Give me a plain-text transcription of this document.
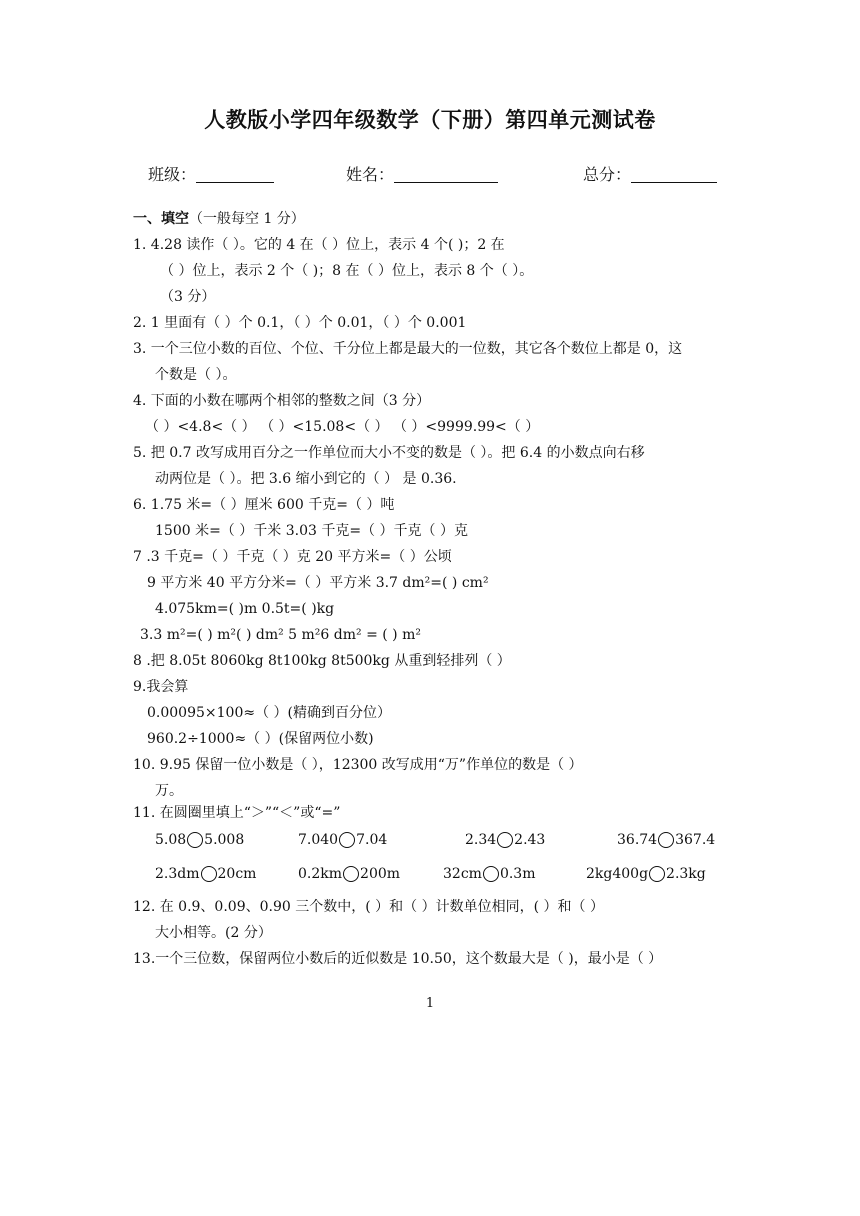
人教版小学四年级数学（下册）第四单元测试卷
班级：	姓名：	总分：
一、填空（一般每空 1 分）
1. 4.28 读作（ ）。它的 4 在（ ）位上，表示 4 个( )；2 在
（ ）位上，表示 2 个（ )；8 在（ ）位上，表示 8 个（ ）。
（3 分）
2. 1 里面有（ ）个 0.1，（ ）个 0.01，（ ）个 0.001
3. 一个三位小数的百位、个位、千分位上都是最大的一位数，其它各个数位上都是 0，这
个数是（ ）。
4. 下面的小数在哪两个相邻的整数之间（3 分）
（ ）<4.8<（ ） （ ）<15.08<（ ） （ ）<9999.99<（ ）
5. 把 0.7 改写成用百分之一作单位而大小不变的数是（ ）。把 6.4 的小数点向右移
动两位是（ ）。把 3.6 缩小到它的（ ） 是 0.36.
6. 1.75 米=（ ）厘米 600 千克=（ ）吨
1500 米=（ ）千米 3.03 千克=（ ）千克（ ）克
7 .3 千克=（ ）千克（ ）克 20 平方米=（ ）公顷
9 平方米 40 平方分米=（ ）平方米 3.7 dm²=( ) cm²
4.075km=( )m 0.5t=( )kg
3.3 m²=( ) m²( ) dm² 5 m²6 dm² = ( ) m²
8 .把 8.05t 8060kg 8t100kg 8t500kg 从重到轻排列（ ）
9.我会算
0.00095×100≈（ ）(精确到百分位）
960.2÷1000≈（ ）(保留两位小数)
10. 9.95 保留一位小数是（ ），12300 改写成用“万”作单位的数是（ ）
万。
11. 在圆圈里填上“＞”“＜”或“=”
5.08 5.008	7.040 7.04	2.34 2.43	36.74 367.4
2.3dm 20cm	0.2km 200m	32cm 0.3m	2kg400g 2.3kg
12. 在 0.9、0.09、0.90 三个数中，( ）和（ ）计数单位相同，( ）和（ ）
大小相等。(2 分）
13.一个三位数，保留两位小数后的近似数是 10.50，这个数最大是（ )，最小是（ ）
1
